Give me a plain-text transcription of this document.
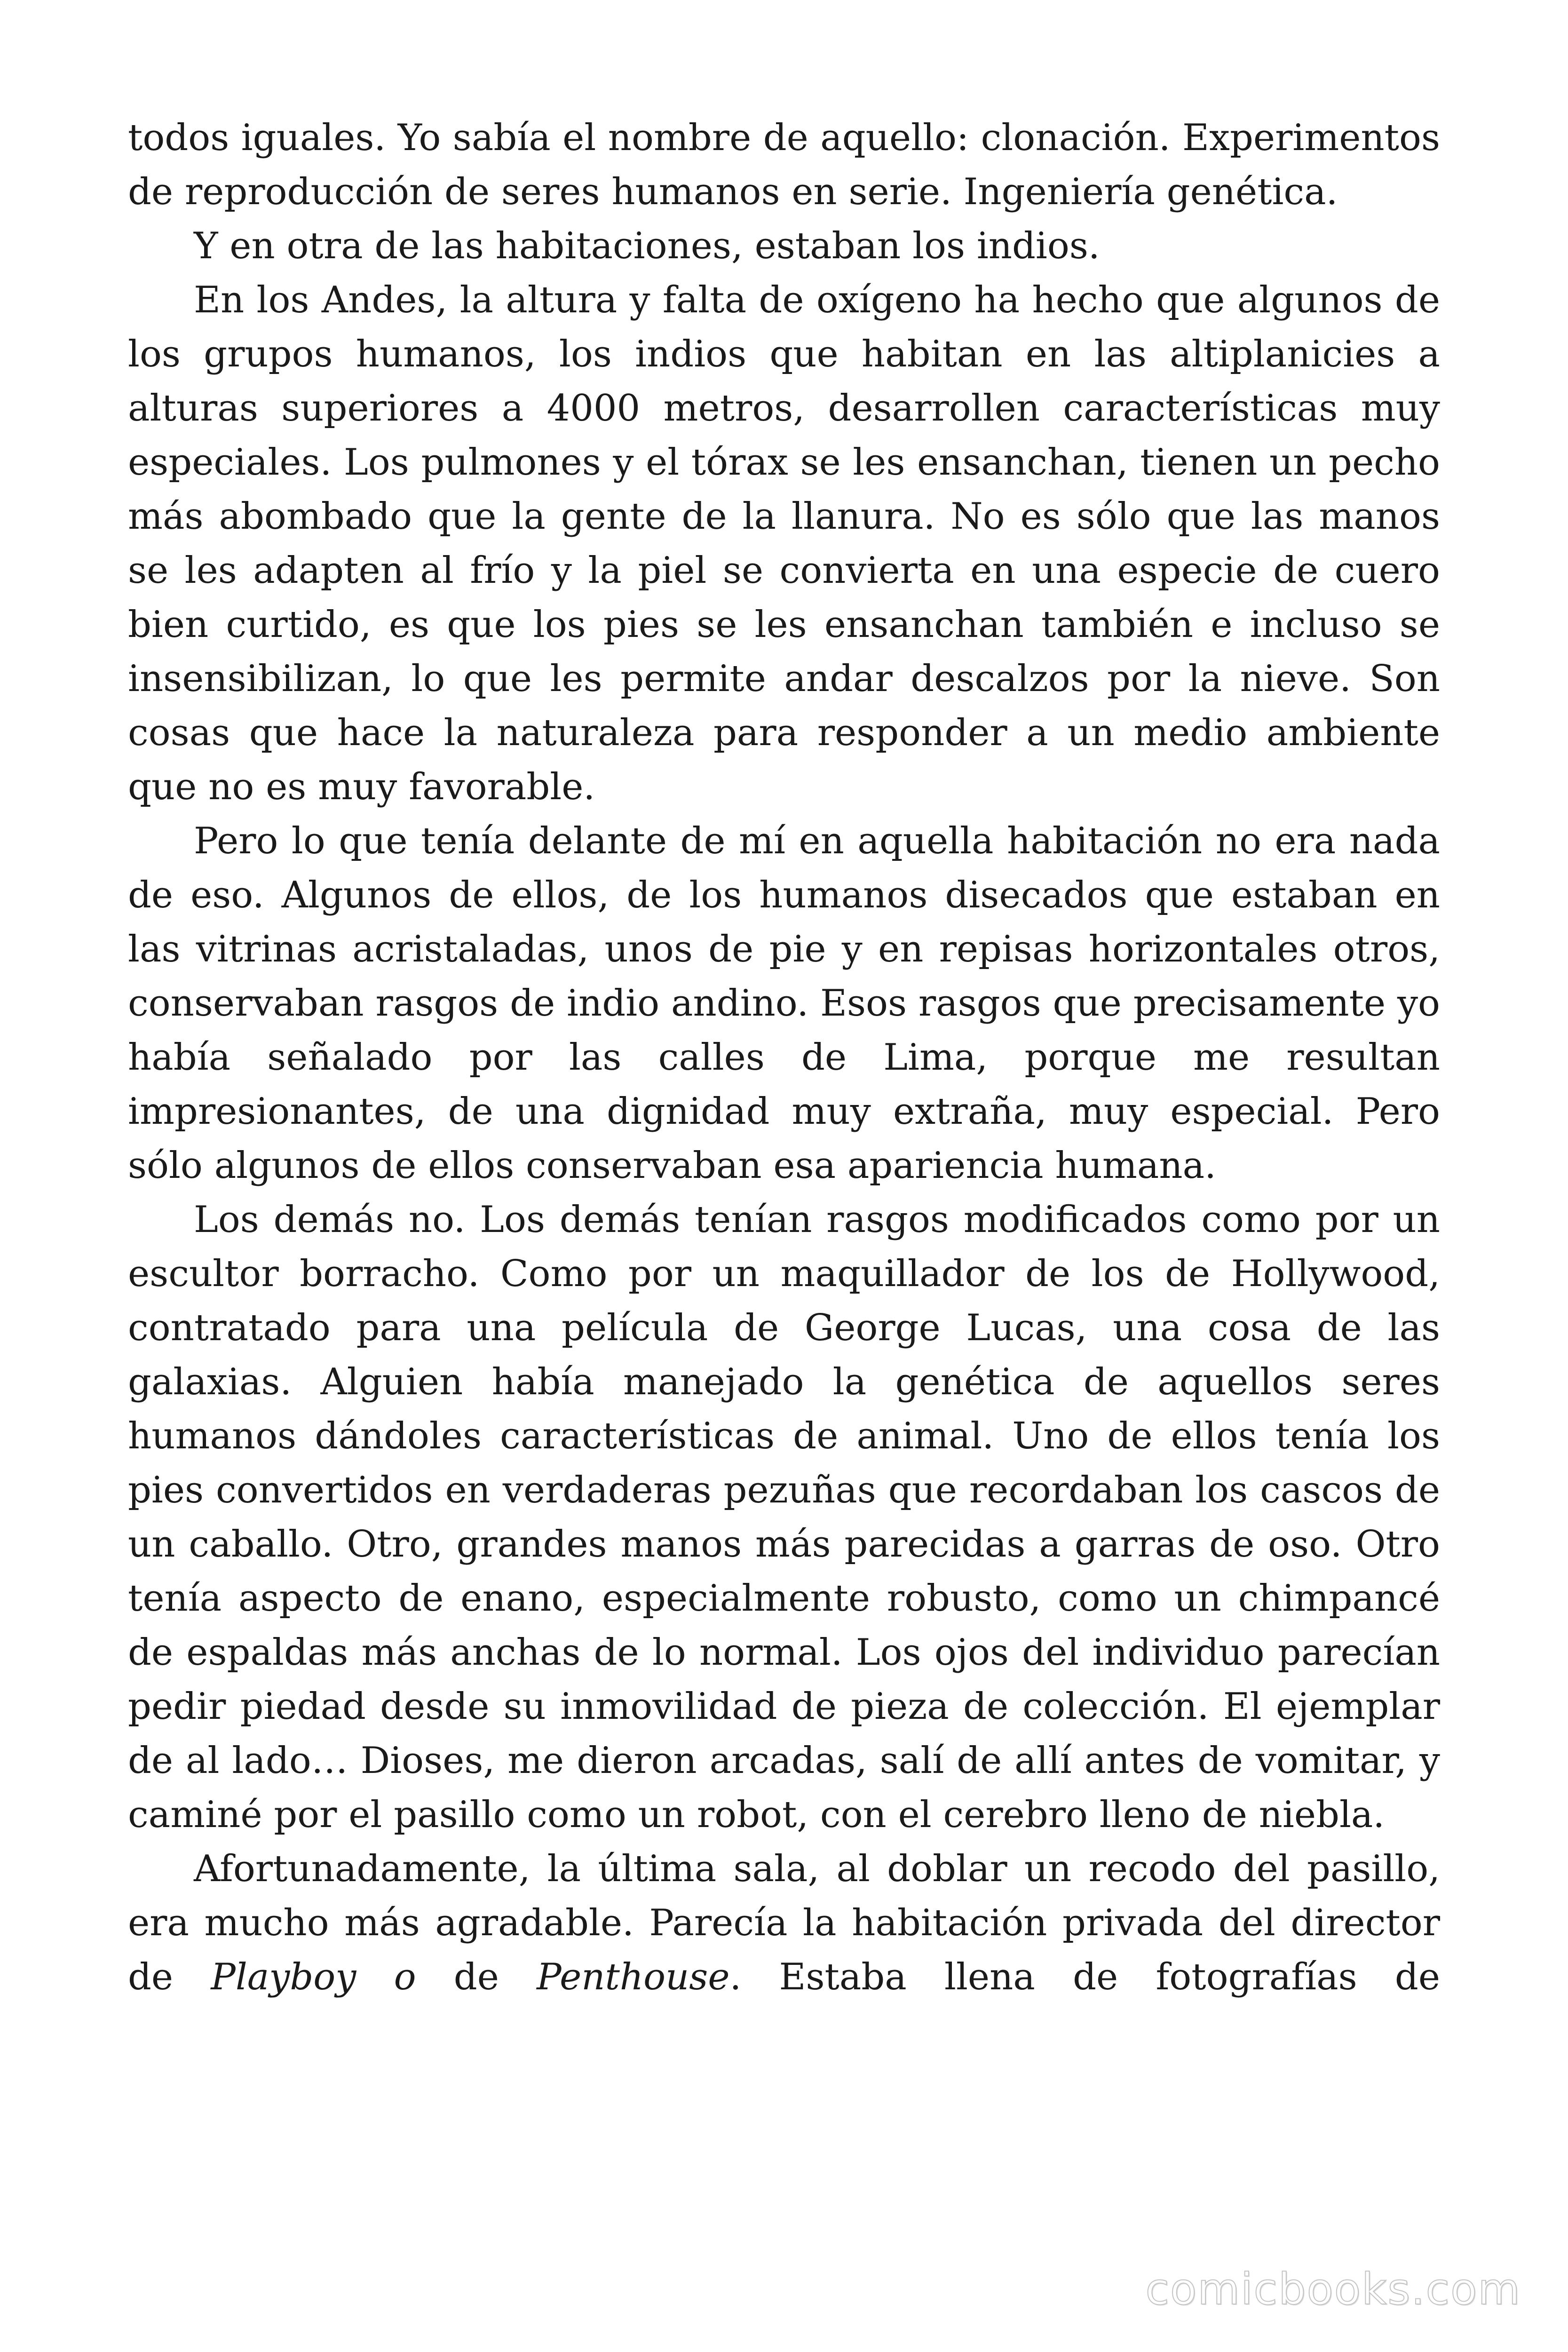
todos iguales. Yo sabía el nombre de aquello: clonación. Experimentos de reproducción de seres humanos en serie. Ingeniería genética.

Y en otra de las habitaciones, estaban los indios.

En los Andes, la altura y falta de oxígeno ha hecho que algunos de los grupos humanos, los indios que habitan en las altiplanicies a alturas superiores a 4000 metros, desarrollen características muy especiales. Los pulmones y el tórax se les ensanchan, tienen un pecho más abombado que la gente de la llanura. No es sólo que las manos se les adapten al frío y la piel se convierta en una especie de cuero bien curtido, es que los pies se les ensanchan también e incluso se insensibilizan, lo que les permite andar descalzos por la nieve. Son cosas que hace la naturaleza para responder a un medio ambiente que no es muy favorable.

Pero lo que tenía delante de mí en aquella habitación no era nada de eso. Algunos de ellos, de los humanos disecados que estaban en las vitrinas acristaladas, unos de pie y en repisas horizontales otros, conservaban rasgos de indio andino. Esos rasgos que precisamente yo había señalado por las calles de Lima, porque me resultan impresionantes, de una dignidad muy extraña, muy especial. Pero sólo algunos de ellos conservaban esa apariencia humana.

Los demás no. Los demás tenían rasgos modificados como por un escultor borracho. Como por un maquillador de los de Hollywood, contratado para una película de George Lucas, una cosa de las galaxias. Alguien había manejado la genética de aquellos seres humanos dándoles características de animal. Uno de ellos tenía los pies convertidos en verdaderas pezuñas que recordaban los cascos de un caballo. Otro, grandes manos más parecidas a garras de oso. Otro tenía aspecto de enano, especialmente robusto, como un chimpancé de espaldas más anchas de lo normal. Los ojos del individuo parecían pedir piedad desde su inmovilidad de pieza de colección. El ejemplar de al lado… Dioses, me dieron arcadas, salí de allí antes de vomitar, y caminé por el pasillo como un robot, con el cerebro lleno de niebla.

Afortunadamente, la última sala, al doblar un recodo del pasillo, era mucho más agradable. Parecía la habitación privada del director de Playboy o de Penthouse. Estaba llena de fotografías de

comicbooks.com
